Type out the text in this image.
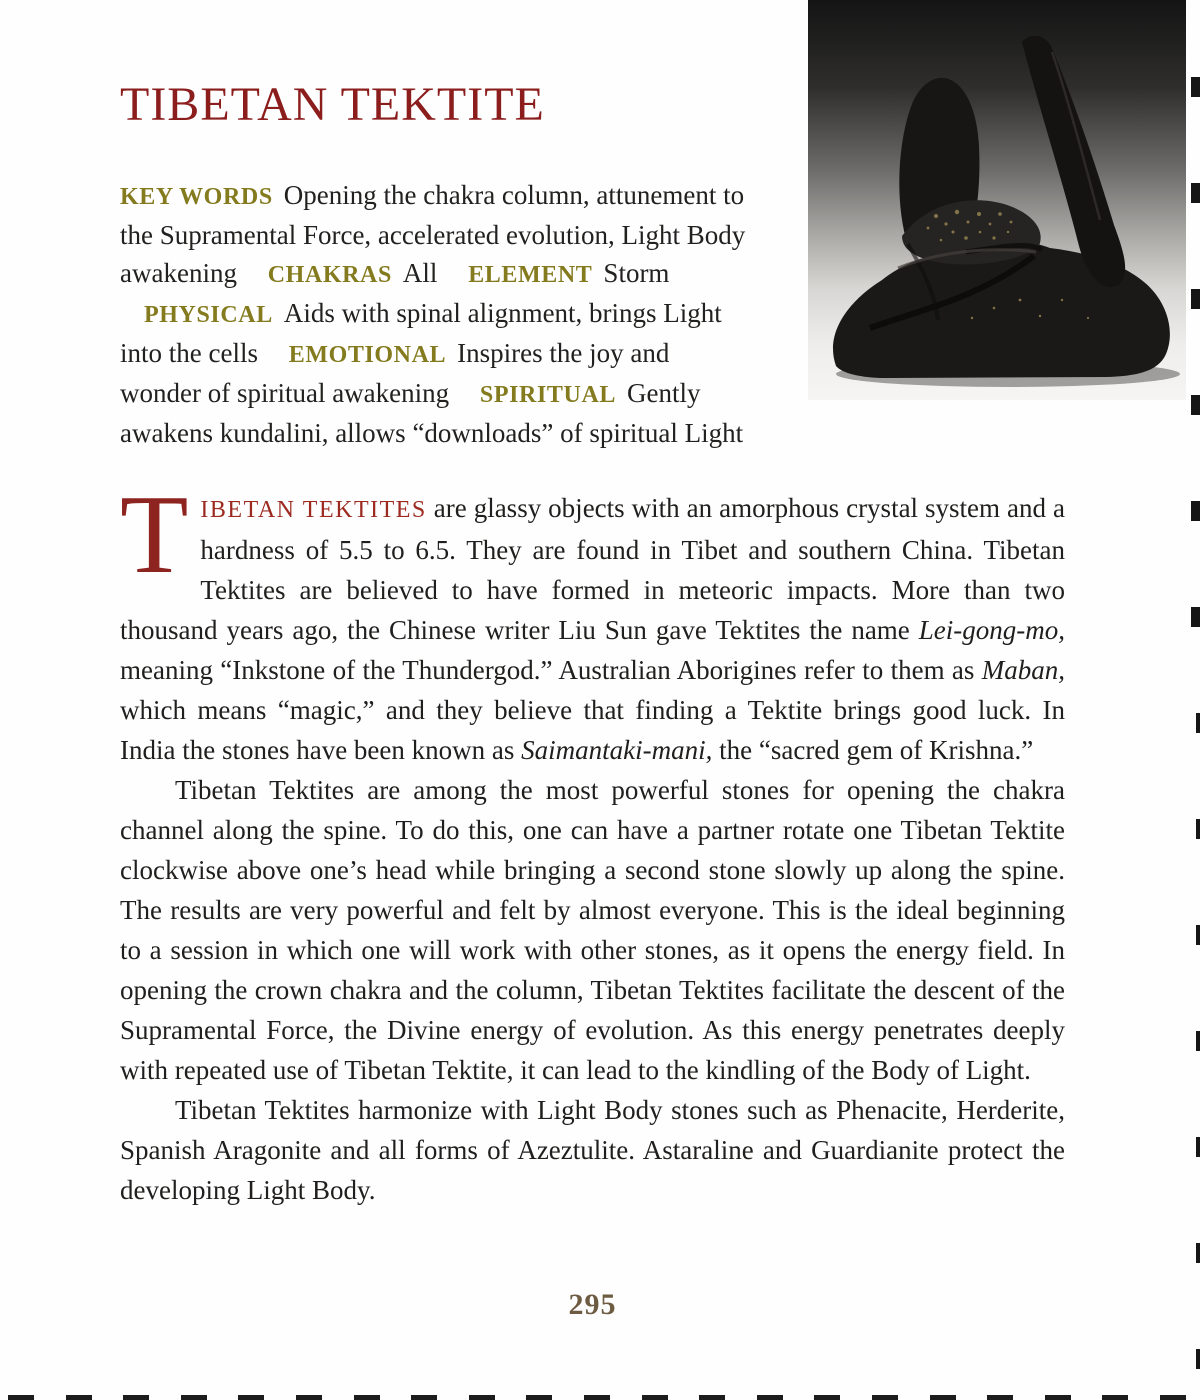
TIBETAN TEKTITE

KEY WORDS Opening the chakra column, attunement to the Supramental Force, accelerated evolution, Light Body awakening CHAKRAS All ELEMENT Storm PHYSICAL Aids with spinal alignment, brings Light into the cells EMOTIONAL Inspires the joy and wonder of spiritual awakening SPIRITUAL Gently awakens kundalini, allows “downloads” of spiritual Light

TIBETAN TEKTITES are glassy objects with an amorphous crystal system and a hardness of 5.5 to 6.5. They are found in Tibet and southern China. Tibetan Tektites are believed to have formed in meteoric impacts. More than two thousand years ago, the Chinese writer Liu Sun gave Tektites the name Lei-gong-mo, meaning “Inkstone of the Thundergod.” Australian Aborigines refer to them as Maban, which means “magic,” and they believe that finding a Tektite brings good luck. In India the stones have been known as Saimantaki-mani, the “sacred gem of Krishna.”

Tibetan Tektites are among the most powerful stones for opening the chakra channel along the spine. To do this, one can have a partner rotate one Tibetan Tektite clockwise above one’s head while bringing a second stone slowly up along the spine. The results are very powerful and felt by almost everyone. This is the ideal beginning to a session in which one will work with other stones, as it opens the energy field. In opening the crown chakra and the column, Tibetan Tektites facilitate the descent of the Supramental Force, the Divine energy of evolution. As this energy penetrates deeply with repeated use of Tibetan Tektite, it can lead to the kindling of the Body of Light.

Tibetan Tektites harmonize with Light Body stones such as Phenacite, Herderite, Spanish Aragonite and all forms of Azeztulite. Astaraline and Guardianite protect the developing Light Body.

295
